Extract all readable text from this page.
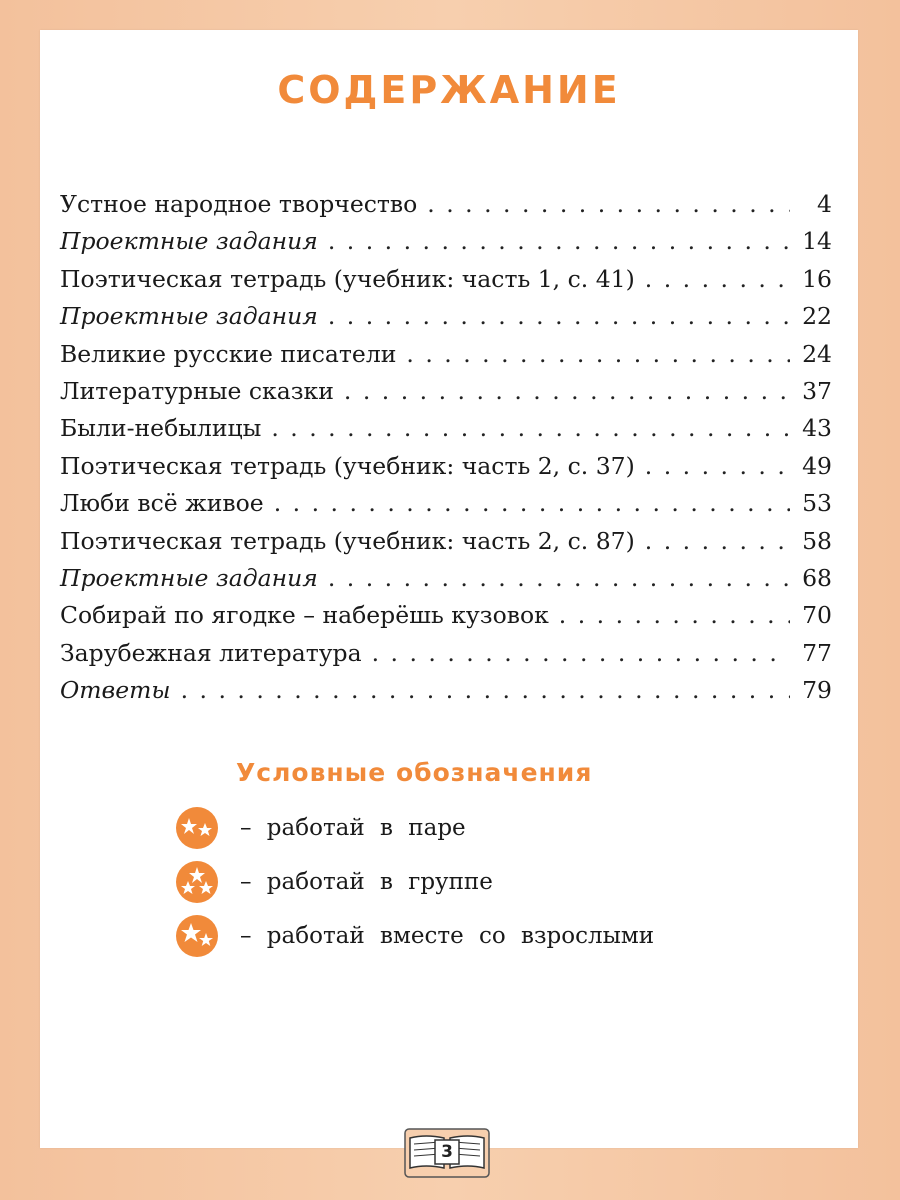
СОДЕРЖАНИЕ
Устное народное творчество . . .	4
Проектные задания . . .	14
Поэтическая тетрадь (учебник: часть 1, с. 41) . . .	16
Проектные задания . . .	22
Великие русские писатели . . .	24
Литературные сказки . . .	37
Были-небылицы . . .	43
Поэтическая тетрадь (учебник: часть 2, с. 37) . . .	49
Люби всё живое . . .	53
Поэтическая тетрадь (учебник: часть 2, с. 87) . . .	58
Проектные задания . . .	68
Собирай по ягодке – наберёшь кузовок . . .	70
Зарубежная литература . . .	77
Ответы . . .	79
Условные обозначения
– работай в паре
– работай в группе
– работай вместе со взрослыми
3
